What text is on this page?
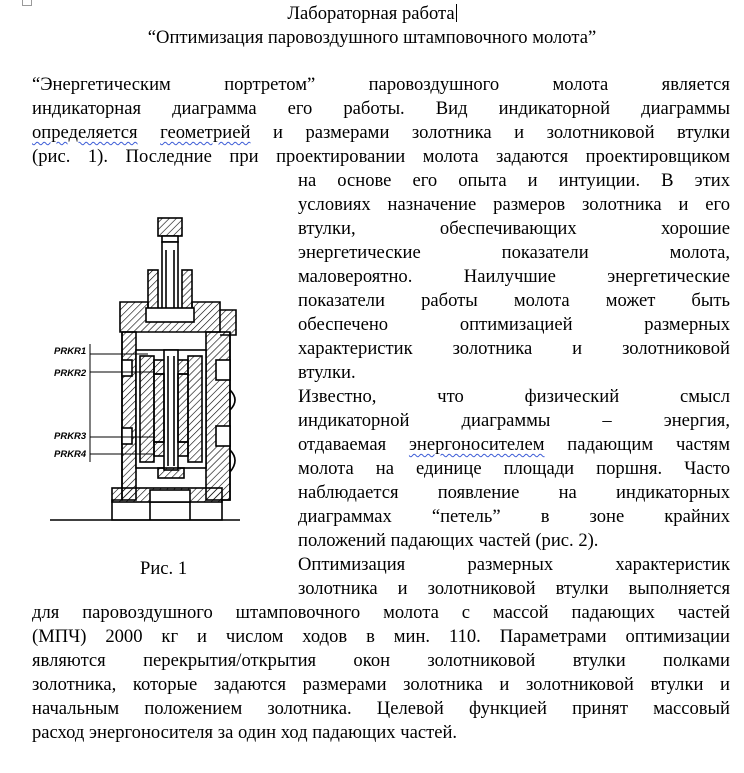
Лабораторная работа
“Оптимизация паровоздушного штамповочного молота”
“Энергетическим портретом” паровоздушного молота является
индикаторная диаграмма его работы. Вид индикаторной диаграммы
определяется геометрией и размерами золотника и золотниковой втулки
(рис. 1). Последние при проектировании молота задаются проектировщиком
на основе его опыта и интуиции. В этих
условиях назначение размеров золотника и его
втулки, обеспечивающих хорошие
энергетические показатели молота,
маловероятно. Наилучшие энергетические
показатели работы молота может быть
обеспечено оптимизацией размерных
характеристик золотника и золотниковой
втулки.
Известно, что физический смысл
индикаторной диаграммы – энергия,
отдаваемая энергоносителем падающим частям
молота на единице площади поршня. Часто
наблюдается появление на индикаторных
диаграммах “петель” в зоне крайних
положений падающих частей (рис. 2).
Оптимизация размерных характеристик
золотника и золотниковой втулки выполняется
для паровоздушного штамповочного молота с массой падающих частей
(МПЧ) 2000 кг и числом ходов в мин. 110. Параметрами оптимизации
являются перекрытия/открытия окон золотниковой втулки полками
золотника, которые задаются размерами золотника и золотниковой втулки и
начальным положением золотника. Целевой функцией принят массовый
расход энергоносителя за один ход падающих частей.
PRKR1
PRKR2
PRKR3
PRKR4
Рис. 1
